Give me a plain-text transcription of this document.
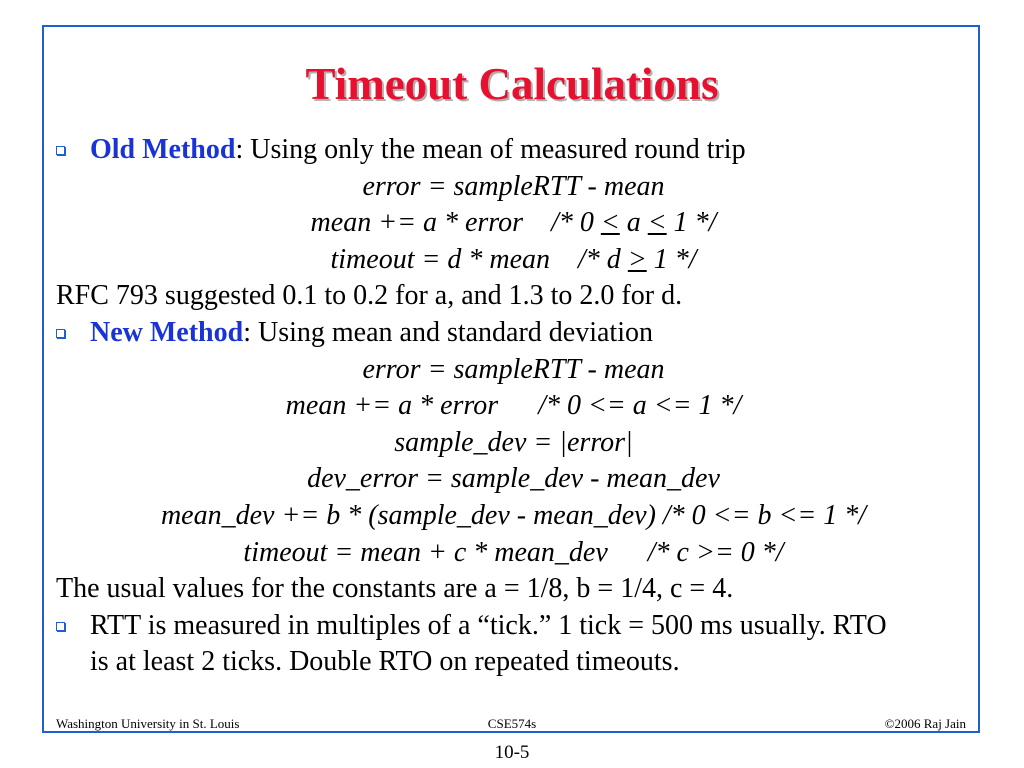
Timeout Calculations
Old Method: Using only the mean of measured round trip
error = sampleRTT - mean
mean += a * error /* 0 < a < 1 */
timeout = d * mean /* d > 1 */
RFC 793 suggested 0.1 to 0.2 for a, and 1.3 to 2.0 for d.
New Method: Using mean and standard deviation
error = sampleRTT - mean
mean += a * error /* 0 <= a <= 1 */
sample_dev = |error|
dev_error = sample_dev - mean_dev
mean_dev += b * (sample_dev - mean_dev) /* 0 <= b <= 1 */
timeout = mean + c * mean_dev /* c >= 0 */
The usual values for the constants are a = 1/8, b = 1/4, c = 4.
RTT is measured in multiples of a “tick.” 1 tick = 500 ms usually. RTO is at least 2 ticks. Double RTO on repeated timeouts.
Washington University in St. Louis	CSE574s	©2006 Raj Jain
10-5
